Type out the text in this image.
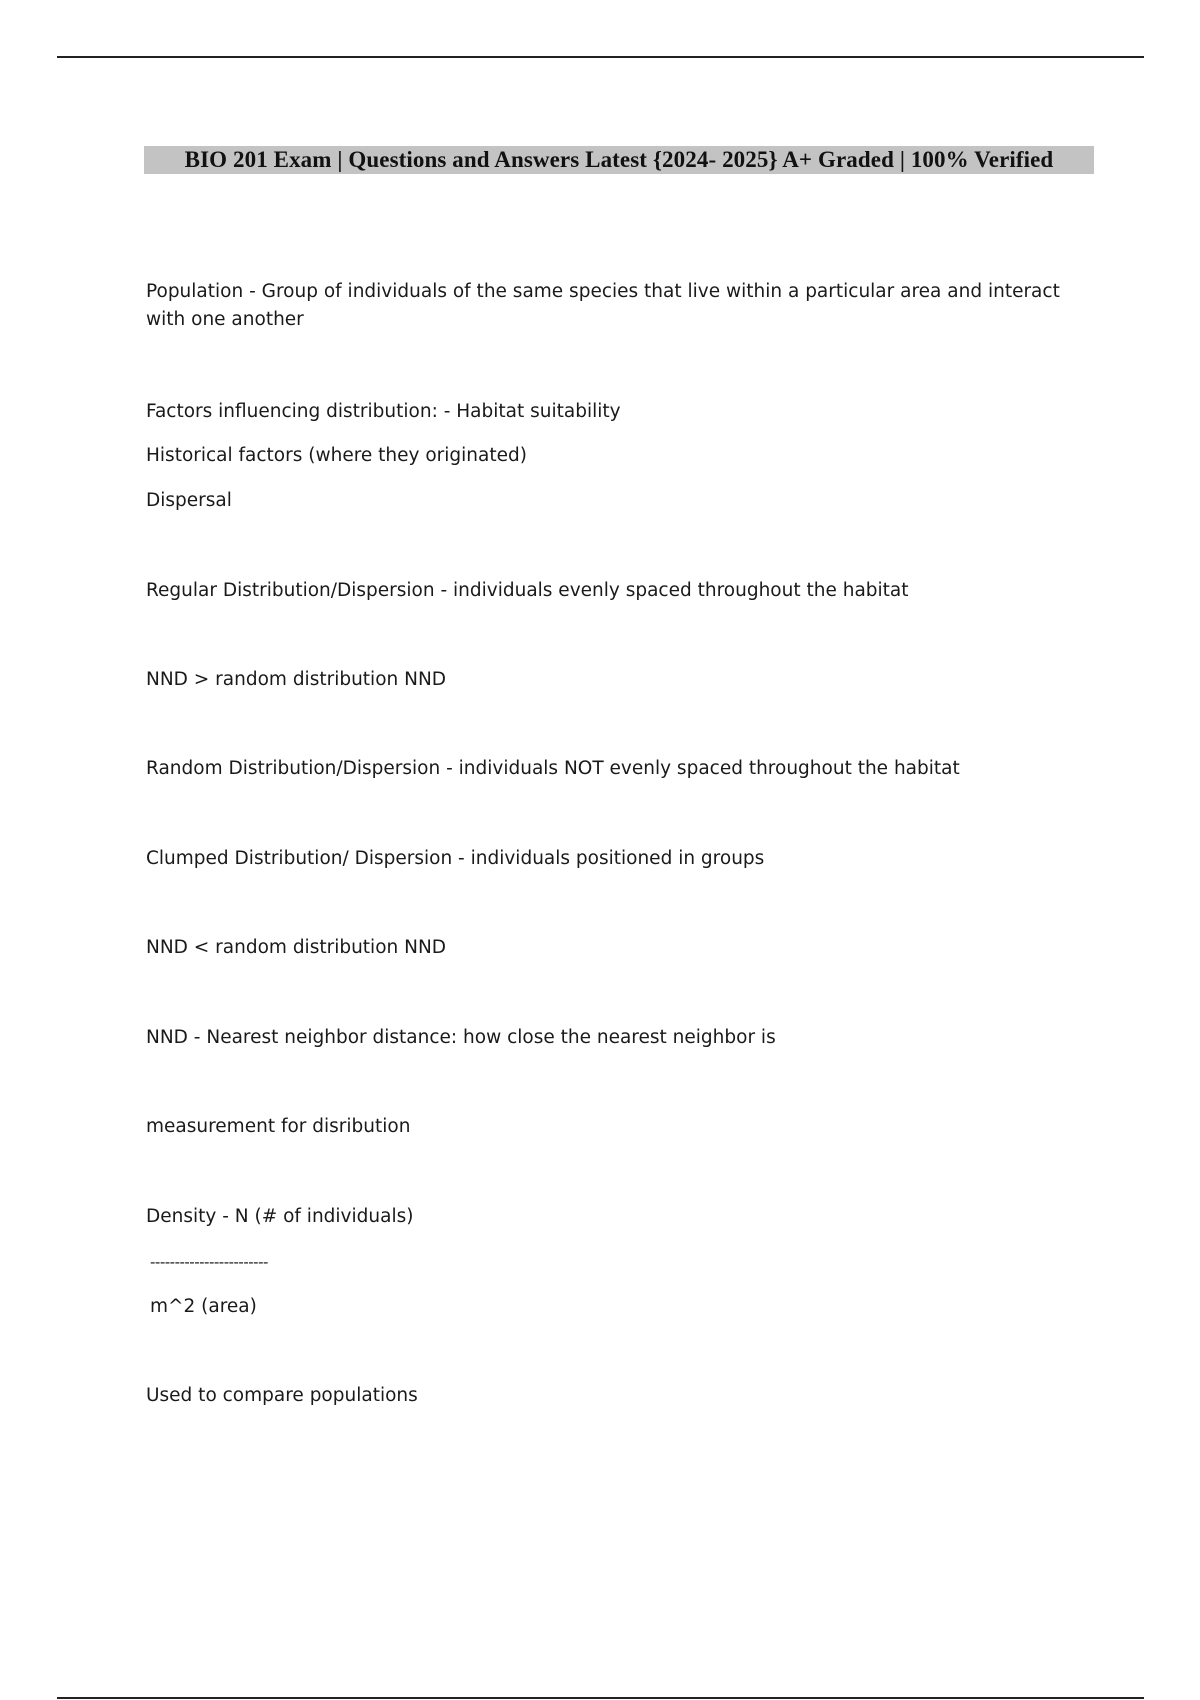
BIO 201 Exam | Questions and Answers Latest {2024- 2025} A+ Graded | 100% Verified
Population - Group of individuals of the same species that live within a particular area and interact with one another
Factors influencing distribution: - Habitat suitability
Historical factors (where they originated)
Dispersal
Regular Distribution/Dispersion - individuals evenly spaced throughout the habitat
NND > random distribution NND
Random Distribution/Dispersion - individuals NOT evenly spaced throughout the habitat
Clumped Distribution/ Dispersion - individuals positioned in groups
NND < random distribution NND
NND - Nearest neighbor distance: how close the nearest neighbor is
measurement for disribution
Density - N (# of individuals)
------------------------
m^2 (area)
Used to compare populations
